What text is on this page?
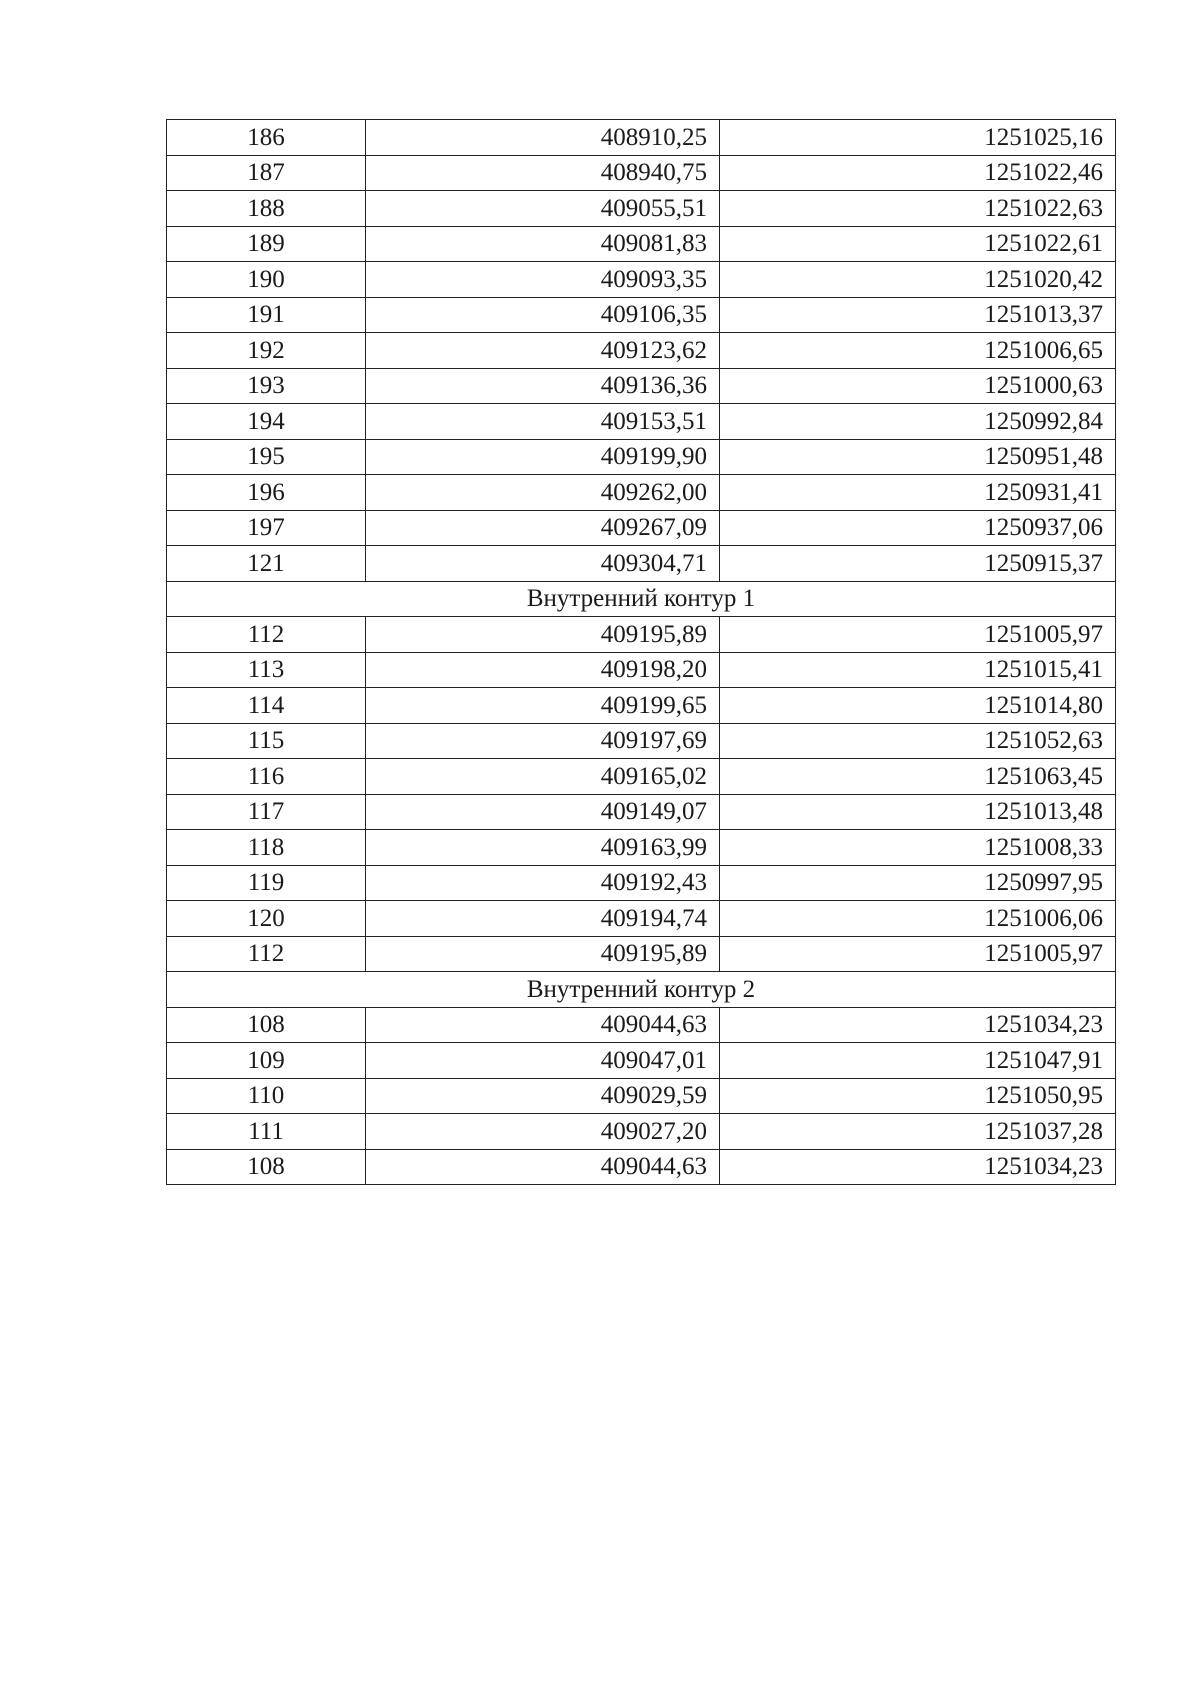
186	408910,25	1251025,16
187	408940,75	1251022,46
188	409055,51	1251022,63
189	409081,83	1251022,61
190	409093,35	1251020,42
191	409106,35	1251013,37
192	409123,62	1251006,65
193	409136,36	1251000,63
194	409153,51	1250992,84
195	409199,90	1250951,48
196	409262,00	1250931,41
197	409267,09	1250937,06
121	409304,71	1250915,37
Внутренний контур 1		
112	409195,89	1251005,97
113	409198,20	1251015,41
114	409199,65	1251014,80
115	409197,69	1251052,63
116	409165,02	1251063,45
117	409149,07	1251013,48
118	409163,99	1251008,33
119	409192,43	1250997,95
120	409194,74	1251006,06
112	409195,89	1251005,97
Внутренний контур 2		
108	409044,63	1251034,23
109	409047,01	1251047,91
110	409029,59	1251050,95
111	409027,20	1251037,28
108	409044,63	1251034,23
